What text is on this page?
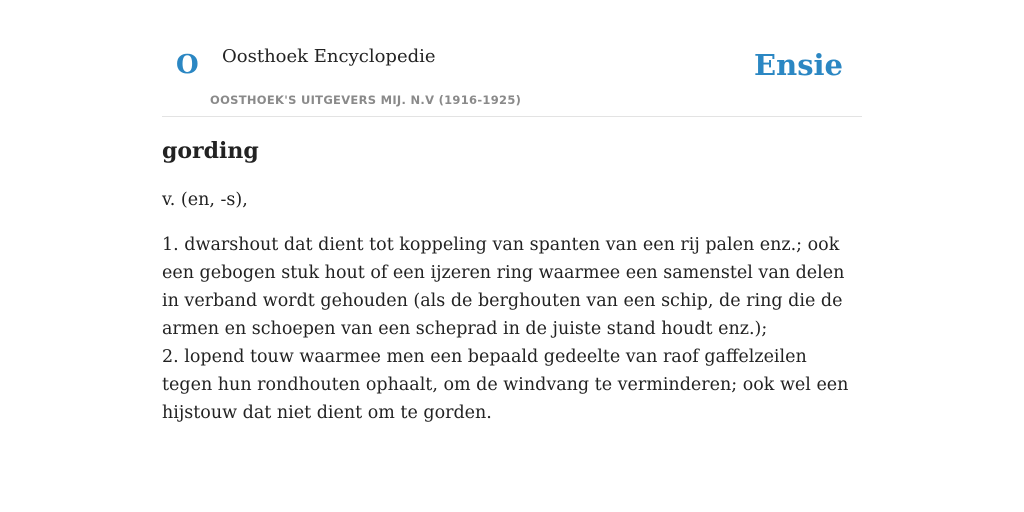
O Oosthoek Encyclopedie
OOSTHOEK'S UITGEVERS MIJ. N.V (1916-1925)
Ensie
gording

v. (en, -s),

1. dwarshout dat dient tot koppeling van spanten van een rij palen enz.; ook een gebogen stuk hout of een ijzeren ring waarmee een samenstel van delen in verband wordt gehouden (als de berghouten van een schip, de ring die de armen en schoepen van een scheprad in de juiste stand houdt enz.);
2. lopend touw waarmee men een bepaald gedeelte van raof gaffelzeilen tegen hun rondhouten ophaalt, om de windvang te verminderen; ook wel een hijstouw dat niet dient om te gorden.
